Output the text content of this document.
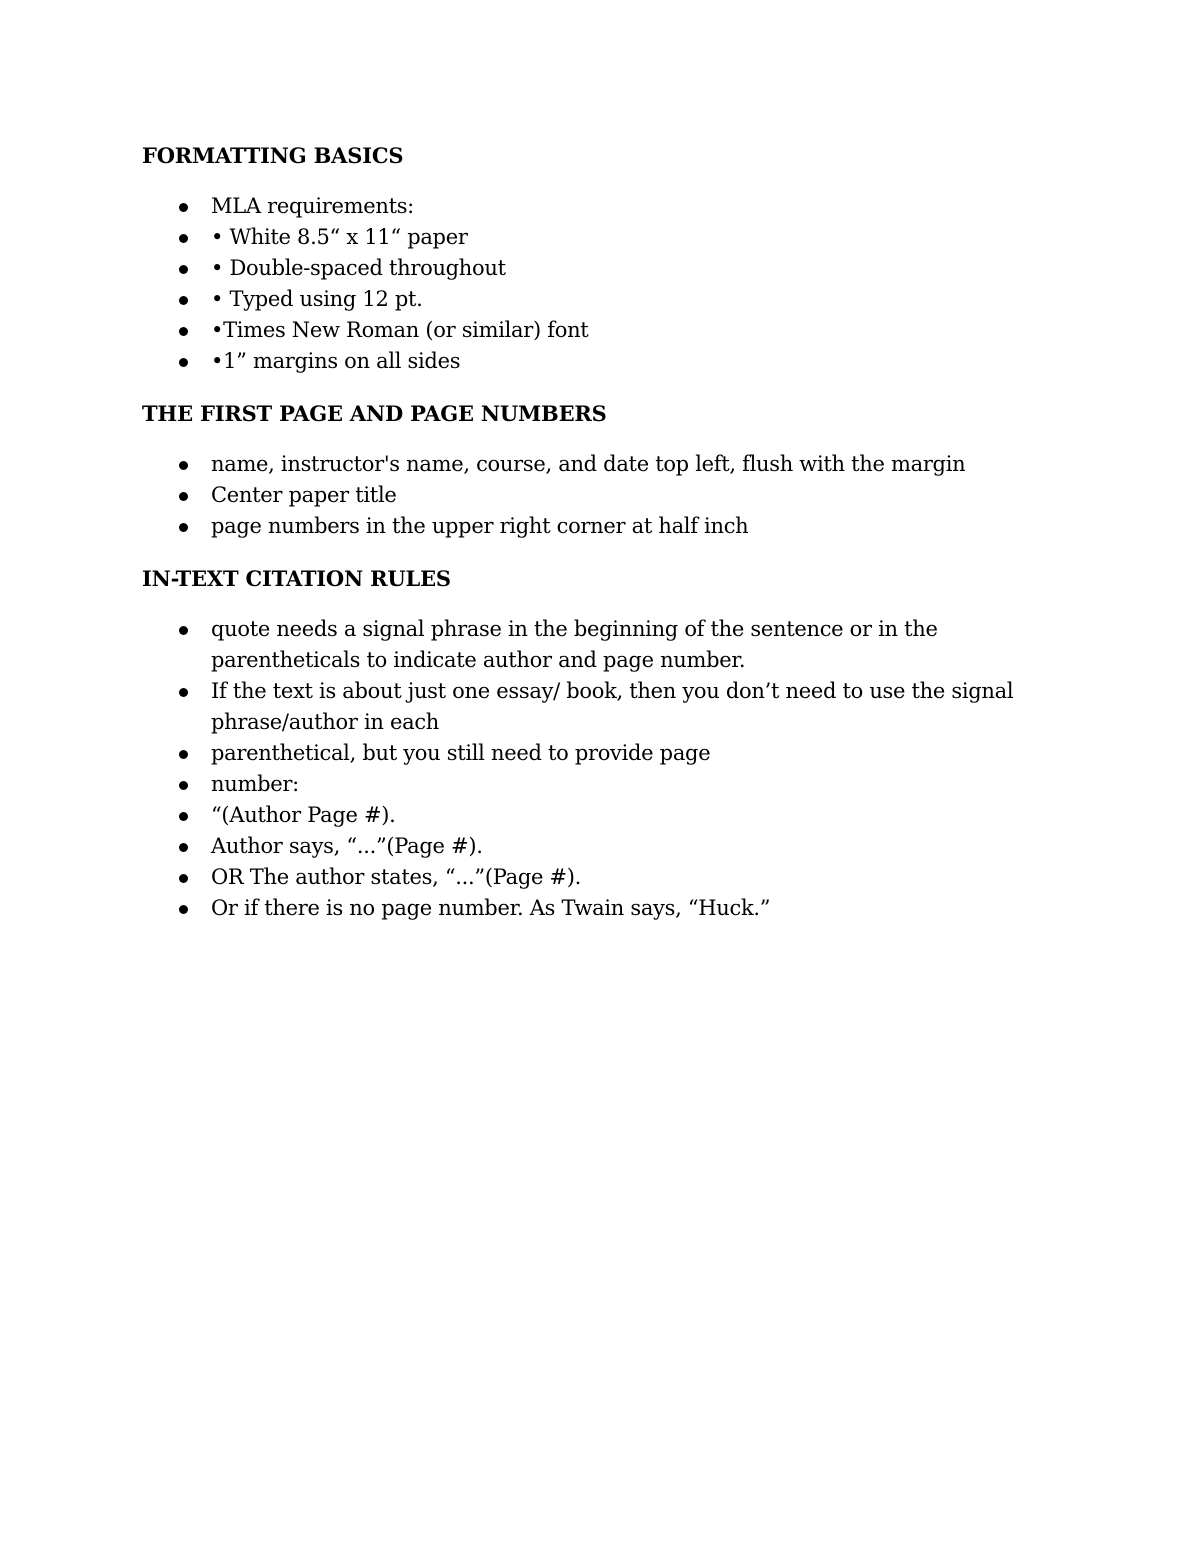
FORMATTING BASICS
MLA requirements:
• White 8.5“ x 11“ paper
• Double-spaced throughout
• Typed using 12 pt.
•Times New Roman (or similar) font
•1” margins on all sides
THE FIRST PAGE AND PAGE NUMBERS
name, instructor's name, course, and date top left, flush with the margin
Center paper title
page numbers in the upper right corner at half inch
IN-TEXT CITATION RULES
quote needs a signal phrase in the beginning of the sentence or in the parentheticals to indicate author and page number.
If the text is about just one essay/ book, then you don’t need to use the signal phrase/author in each
parenthetical, but you still need to provide page
number:
“(Author Page #).
Author says, “...”(Page #).
OR The author states, “...”(Page #).
Or if there is no page number. As Twain says, “Huck.”
